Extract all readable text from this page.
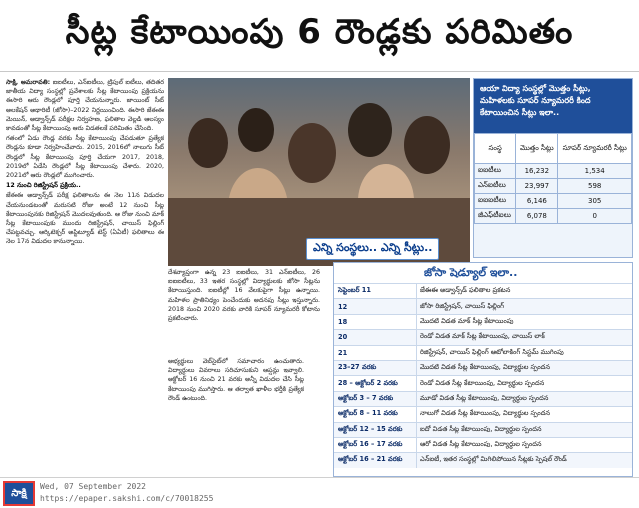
సీట్ల కేటాయింపు 6 రౌండ్లకు పరిమితం

సాక్షి, అమరావతి: ఐఐటీలు, ఎన్ఐటీలు, ట్రిపుల్ ఐటీలు, తదితర జాతీయ విద్యా సంస్థల్లో ప్రవేశాలకు సీట్ల కేటాయింపు ప్రక్రియను ఈసారి ఆరు రౌండ్లలో పూర్తి చేయనున్నారు. జాయింట్ సీట్ అలకేషన్ అథారిటీ (జోసా)–2022 నిర్ణయించింది. ఈసారి జేఈఈ మెయిన్, అడ్వాన్స్‌డ్ పరీక్షల నిర్వహణ, ఫలితాల వెల్లడి ఆలస్యం కావడంతో సీట్ల కేటాయింపు ఆరు విడతలకే పరిమితం చేసింది.

గతంలో ఏడు రౌండ్ల వరకు సీట్ల కేటాయింపు చేపడుతూ ప్రత్యేక రౌండ్లను కూడా నిర్వహించేవారు. 2015, 2016లో నాలుగు సీట్ రౌండ్లలో సీట్ల కేటాయింపు పూర్తి చేయగా 2017, 2018, 2019లో ఏడేసి రౌండ్లలో సీట్ల కేటాయింపు చేశారు. 2020, 2021లో ఆరు రౌండ్లలో ముగించారు.

12 నుంచి రిజిస్ట్రేషన్ ప్రక్రియ..

జేఈఈ అడ్వాన్స్‌డ్ పరీక్ష ఫలితాలను ఈ నెల 11న విడుదల చేయనుండటంతో మరుసటి రోజు అంటే 12 నుంచి సీట్ల కేటాయింపునకు రిజిస్ట్రేషన్ మొదలవుతుంది. ఆ రోజు నుంచి మాక్ సీట్ల కేటాయింపుకు ముందు రిజిస్ట్రేషన్, చాయిస్ ఫిల్లింగ్ చేపట్టవచ్చు. ఆర్కిటెక్చర్ అప్టిట్యూడ్ టెస్ట్ (ఏఏటీ) ఫలితాలు ఈ నెల 17న విడుదల కానున్నాయి.	ఎన్ని సంస్థలు.. ఎన్ని సీట్లు..
దేశవ్యాప్తంగా ఉన్న 23 ఐఐటీలు, 31 ఎన్ఐటీలు, 26 ఐఐఐటీలు, 33 ఇతర సంస్థల్లో విద్యార్థులకు జోసా సీట్లను కేటాయిస్తుంది. ఐఐటీల్లో 16 వేలకుపైగా సీట్లు ఉన్నాయి. మహిళల ప్రాతినిధ్యం పెంచేందుకు అదనపు సీట్లు ఇస్తున్నారు. 2018 నుంచి 2020 వరకు వారికి సూపర్ న్యూమరరీ కోటాను ప్రకటించారు.
అభ్యర్థులు వెబ్‌సైట్‌లో సమాచారం ఉంచుతారు. విద్యార్థులు వివరాలు సరిచూసుకుని ఆప్షన్లు ఇవ్వాలి. అక్టోబర్ 16 నుంచి 21 వరకు అన్నీ విడుదల చేసి సీట్ల కేటాయింపు ముగిస్తారు. ఆ తర్వాత ఖాళీల భర్తీకి ప్రత్యేక రౌండ్ ఉంటుంది.
ఆయా విద్యా సంస్థల్లో మొత్తం సీట్లు, మహిళలకు సూపర్ న్యూమరరీ కింద కేటాయించిన సీట్లు ఇలా..
సంస్థ	మొత్తం సీట్లు	సూపర్ న్యూమరరీ సీట్లు
ఐఐటీలు	16,232	1,534
ఎన్ఐటీలు	23,997	598
ఐఐఐటీలు	6,146	305
జీఎఫ్‌టీఐలు	6,078	0
జోసా షెడ్యూల్ ఇలా..
సెప్టెంబర్ 11	జేఈఈ అడ్వాన్స్‌డ్ ఫలితాల ప్రకటన
12	జోసా రిజిస్ట్రేషన్, చాయిస్ ఫిల్లింగ్
18	మొదటి విడత మాక్ సీట్ల కేటాయింపు
20	రెండో విడత మాక్ సీట్ల కేటాయింపు, చాయిస్ లాక్
21	రిజిస్ట్రేషన్, చాయిస్ ఫిల్లింగ్ ఆటోలాకింగ్ సిస్టమ్ ముగింపు
23–27 వరకు	మొదటి విడత సీట్ల కేటాయింపు, విద్యార్థుల స్పందన
28 – అక్టోబర్ 2 వరకు	రెండో విడత సీట్ల కేటాయింపు, విద్యార్థుల స్పందన
అక్టోబర్ 3 – 7 వరకు	మూడో విడత సీట్ల కేటాయింపు, విద్యార్థుల స్పందన
అక్టోబర్ 8 – 11 వరకు	నాలుగో విడత సీట్ల కేటాయింపు, విద్యార్థుల స్పందన
అక్టోబర్ 12 – 15 వరకు	ఐదో విడత సీట్ల కేటాయింపు, విద్యార్థుల స్పందన
అక్టోబర్ 16 – 17 వరకు	ఆరో విడత సీట్ల కేటాయింపు, విద్యార్థుల స్పందన
అక్టోబర్ 16 – 21 వరకు	ఎన్ఐటీ, ఇతర సంస్థల్లో మిగిలిపోయిన సీట్లకు స్పెషల్ రౌండ్
సాక్షి
Wed, 07 September 2022
https://epaper.sakshi.com/c/70018255
